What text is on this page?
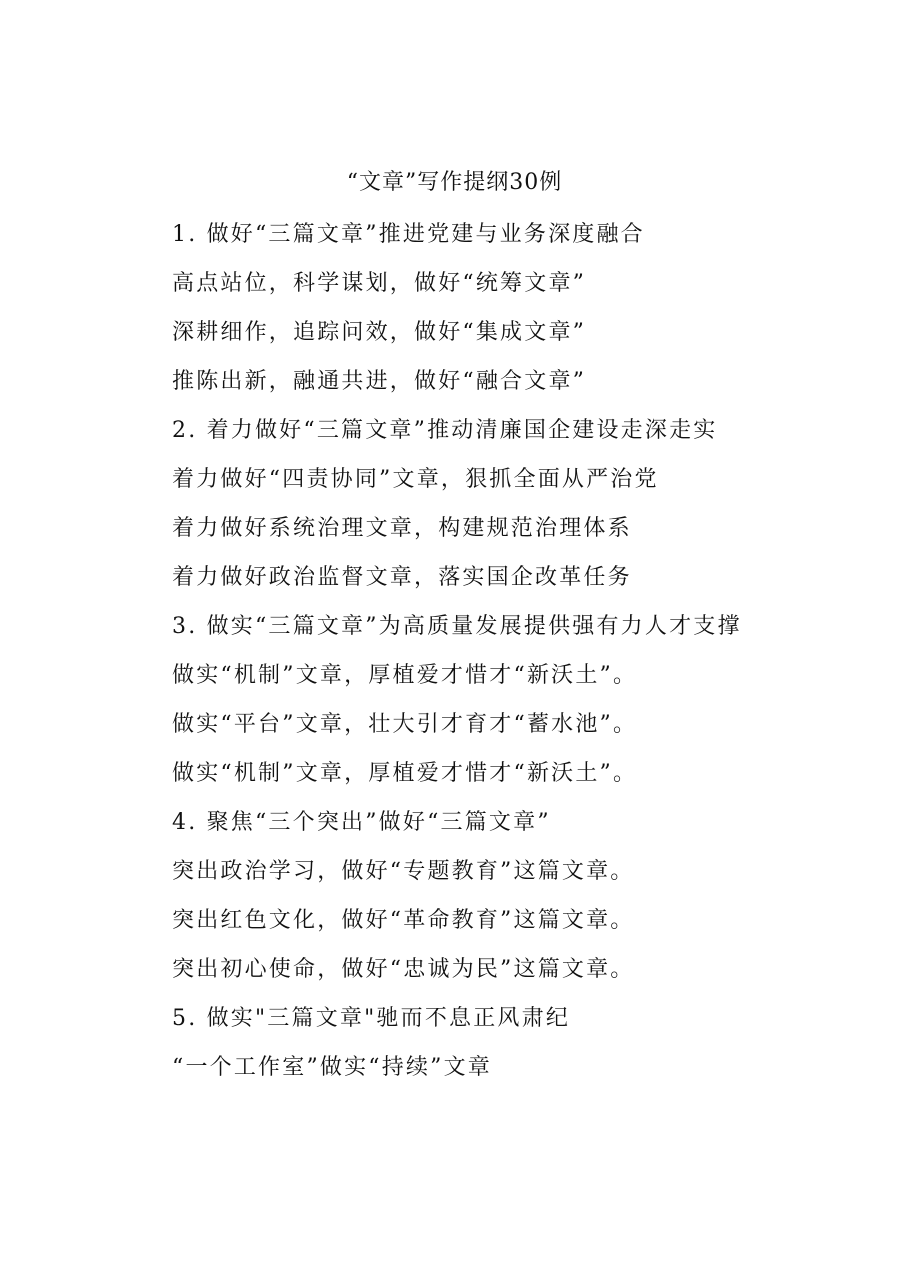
“文章”写作提纲30例
1. 做好“三篇文章”推进党建与业务深度融合
高点站位，科学谋划，做好“统筹文章”
深耕细作，追踪问效，做好“集成文章”
推陈出新，融通共进，做好“融合文章”
2. 着力做好“三篇文章”推动清廉国企建设走深走实
着力做好“四责协同”文章，狠抓全面从严治党
着力做好系统治理文章，构建规范治理体系
着力做好政治监督文章，落实国企改革任务
3. 做实“三篇文章”为高质量发展提供强有力人才支撑
做实“机制”文章，厚植爱才惜才“新沃土”。
做实“平台”文章，壮大引才育才“蓄水池”。
做实“机制”文章，厚植爱才惜才“新沃土”。
4. 聚焦“三个突出”做好“三篇文章”
突出政治学习，做好“专题教育”这篇文章。
突出红色文化，做好“革命教育”这篇文章。
突出初心使命，做好“忠诚为民”这篇文章。
5. 做实"三篇文章"驰而不息正风肃纪
“一个工作室”做实“持续”文章
